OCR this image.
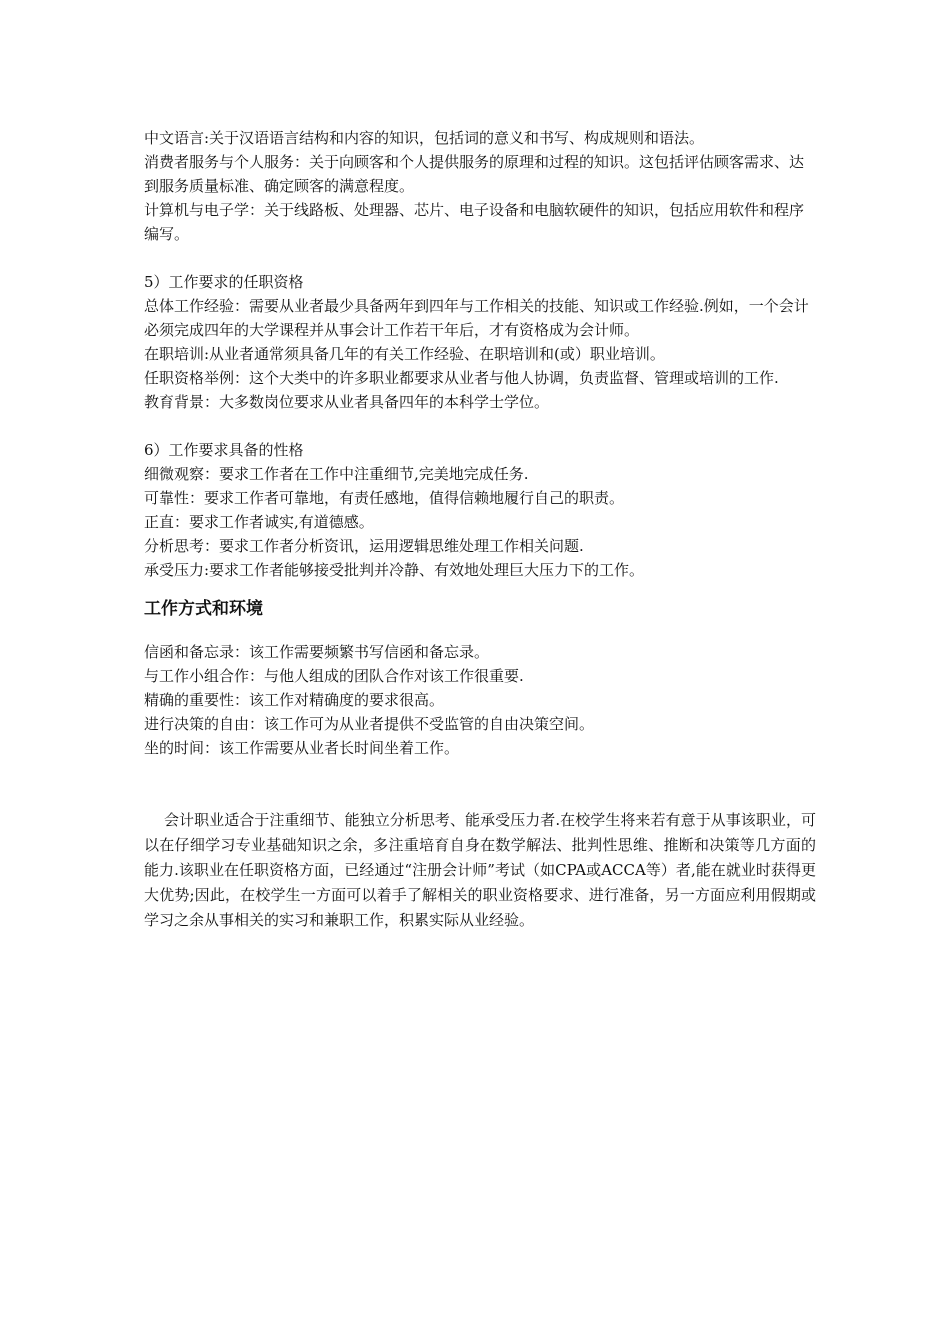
中文语言:关于汉语语言结构和内容的知识，包括词的意义和书写、构成规则和语法。

消费者服务与个人服务：关于向顾客和个人提供服务的原理和过程的知识。这包括评估顾客需求、达到服务质量标准、确定顾客的满意程度。

计算机与电子学：关于线路板、处理器、芯片、电子设备和电脑软硬件的知识，包括应用软件和程序编写。

5）工作要求的任职资格

总体工作经验：需要从业者最少具备两年到四年与工作相关的技能、知识或工作经验.例如，一个会计必须完成四年的大学课程并从事会计工作若干年后，才有资格成为会计师。

在职培训:从业者通常须具备几年的有关工作经验、在职培训和(或）职业培训。

任职资格举例：这个大类中的许多职业都要求从业者与他人协调，负责监督、管理或培训的工作.

教育背景：大多数岗位要求从业者具备四年的本科学士学位。

6）工作要求具备的性格

细微观察：要求工作者在工作中注重细节,完美地完成任务.

可靠性：要求工作者可靠地，有责任感地，值得信赖地履行自己的职责。

正直：要求工作者诚实,有道德感。

分析思考：要求工作者分析资讯，运用逻辑思维处理工作相关问题.

承受压力:要求工作者能够接受批判并冷静、有效地处理巨大压力下的工作。

工作方式和环境

信函和备忘录：该工作需要频繁书写信函和备忘录。

与工作小组合作：与他人组成的团队合作对该工作很重要.

精确的重要性：该工作对精确度的要求很高。

进行决策的自由：该工作可为从业者提供不受监管的自由决策空间。

坐的时间：该工作需要从业者长时间坐着工作。

会计职业适合于注重细节、能独立分析思考、能承受压力者.在校学生将来若有意于从事该职业，可以在仔细学习专业基础知识之余，多注重培育自身在数学解法、批判性思维、推断和决策等几方面的能力.该职业在任职资格方面，已经通过“注册会计师”考试（如CPA或ACCA等）者,能在就业时获得更大优势;因此，在校学生一方面可以着手了解相关的职业资格要求、进行准备，另一方面应利用假期或学习之余从事相关的实习和兼职工作，积累实际从业经验。
